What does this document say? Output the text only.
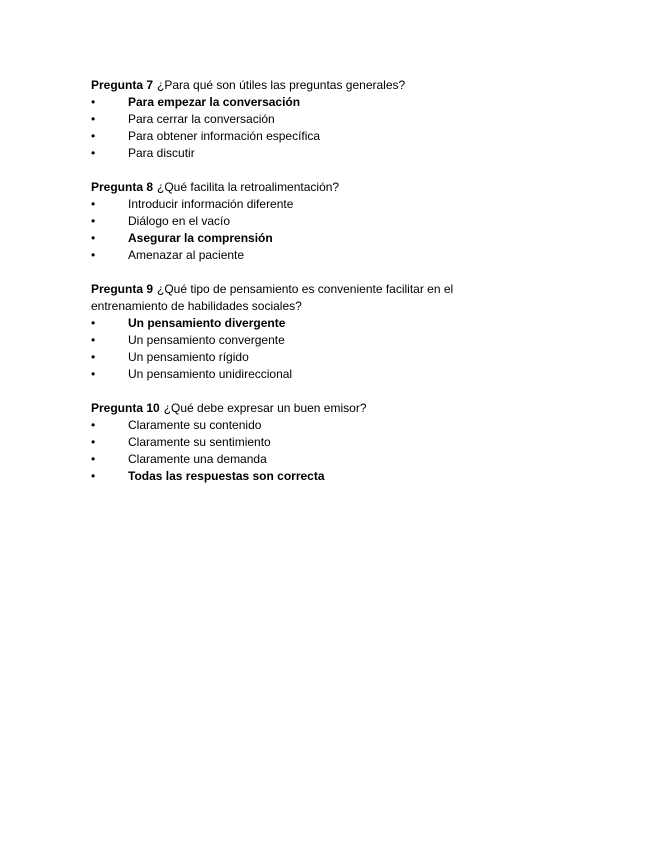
Pregunta 7 ¿Para qué son útiles las preguntas generales?
•	Para empezar la conversación
•	Para cerrar la conversación
•	Para obtener información específica
•	Para discutir
Pregunta 8 ¿Qué facilita la retroalimentación?
•	Introducir información diferente
•	Diálogo en el vacío
•	Asegurar la comprensión
•	Amenazar al paciente
Pregunta 9 ¿Qué tipo de pensamiento es conveniente facilitar en el entrenamiento de habilidades sociales?
•	Un pensamiento divergente
•	Un pensamiento convergente
•	Un pensamiento rígido
•	Un pensamiento unidireccional
Pregunta 10 ¿Qué debe expresar un buen emisor?
•	Claramente su contenido
•	Claramente su sentimiento
•	Claramente una demanda
•	Todas las respuestas son correcta
